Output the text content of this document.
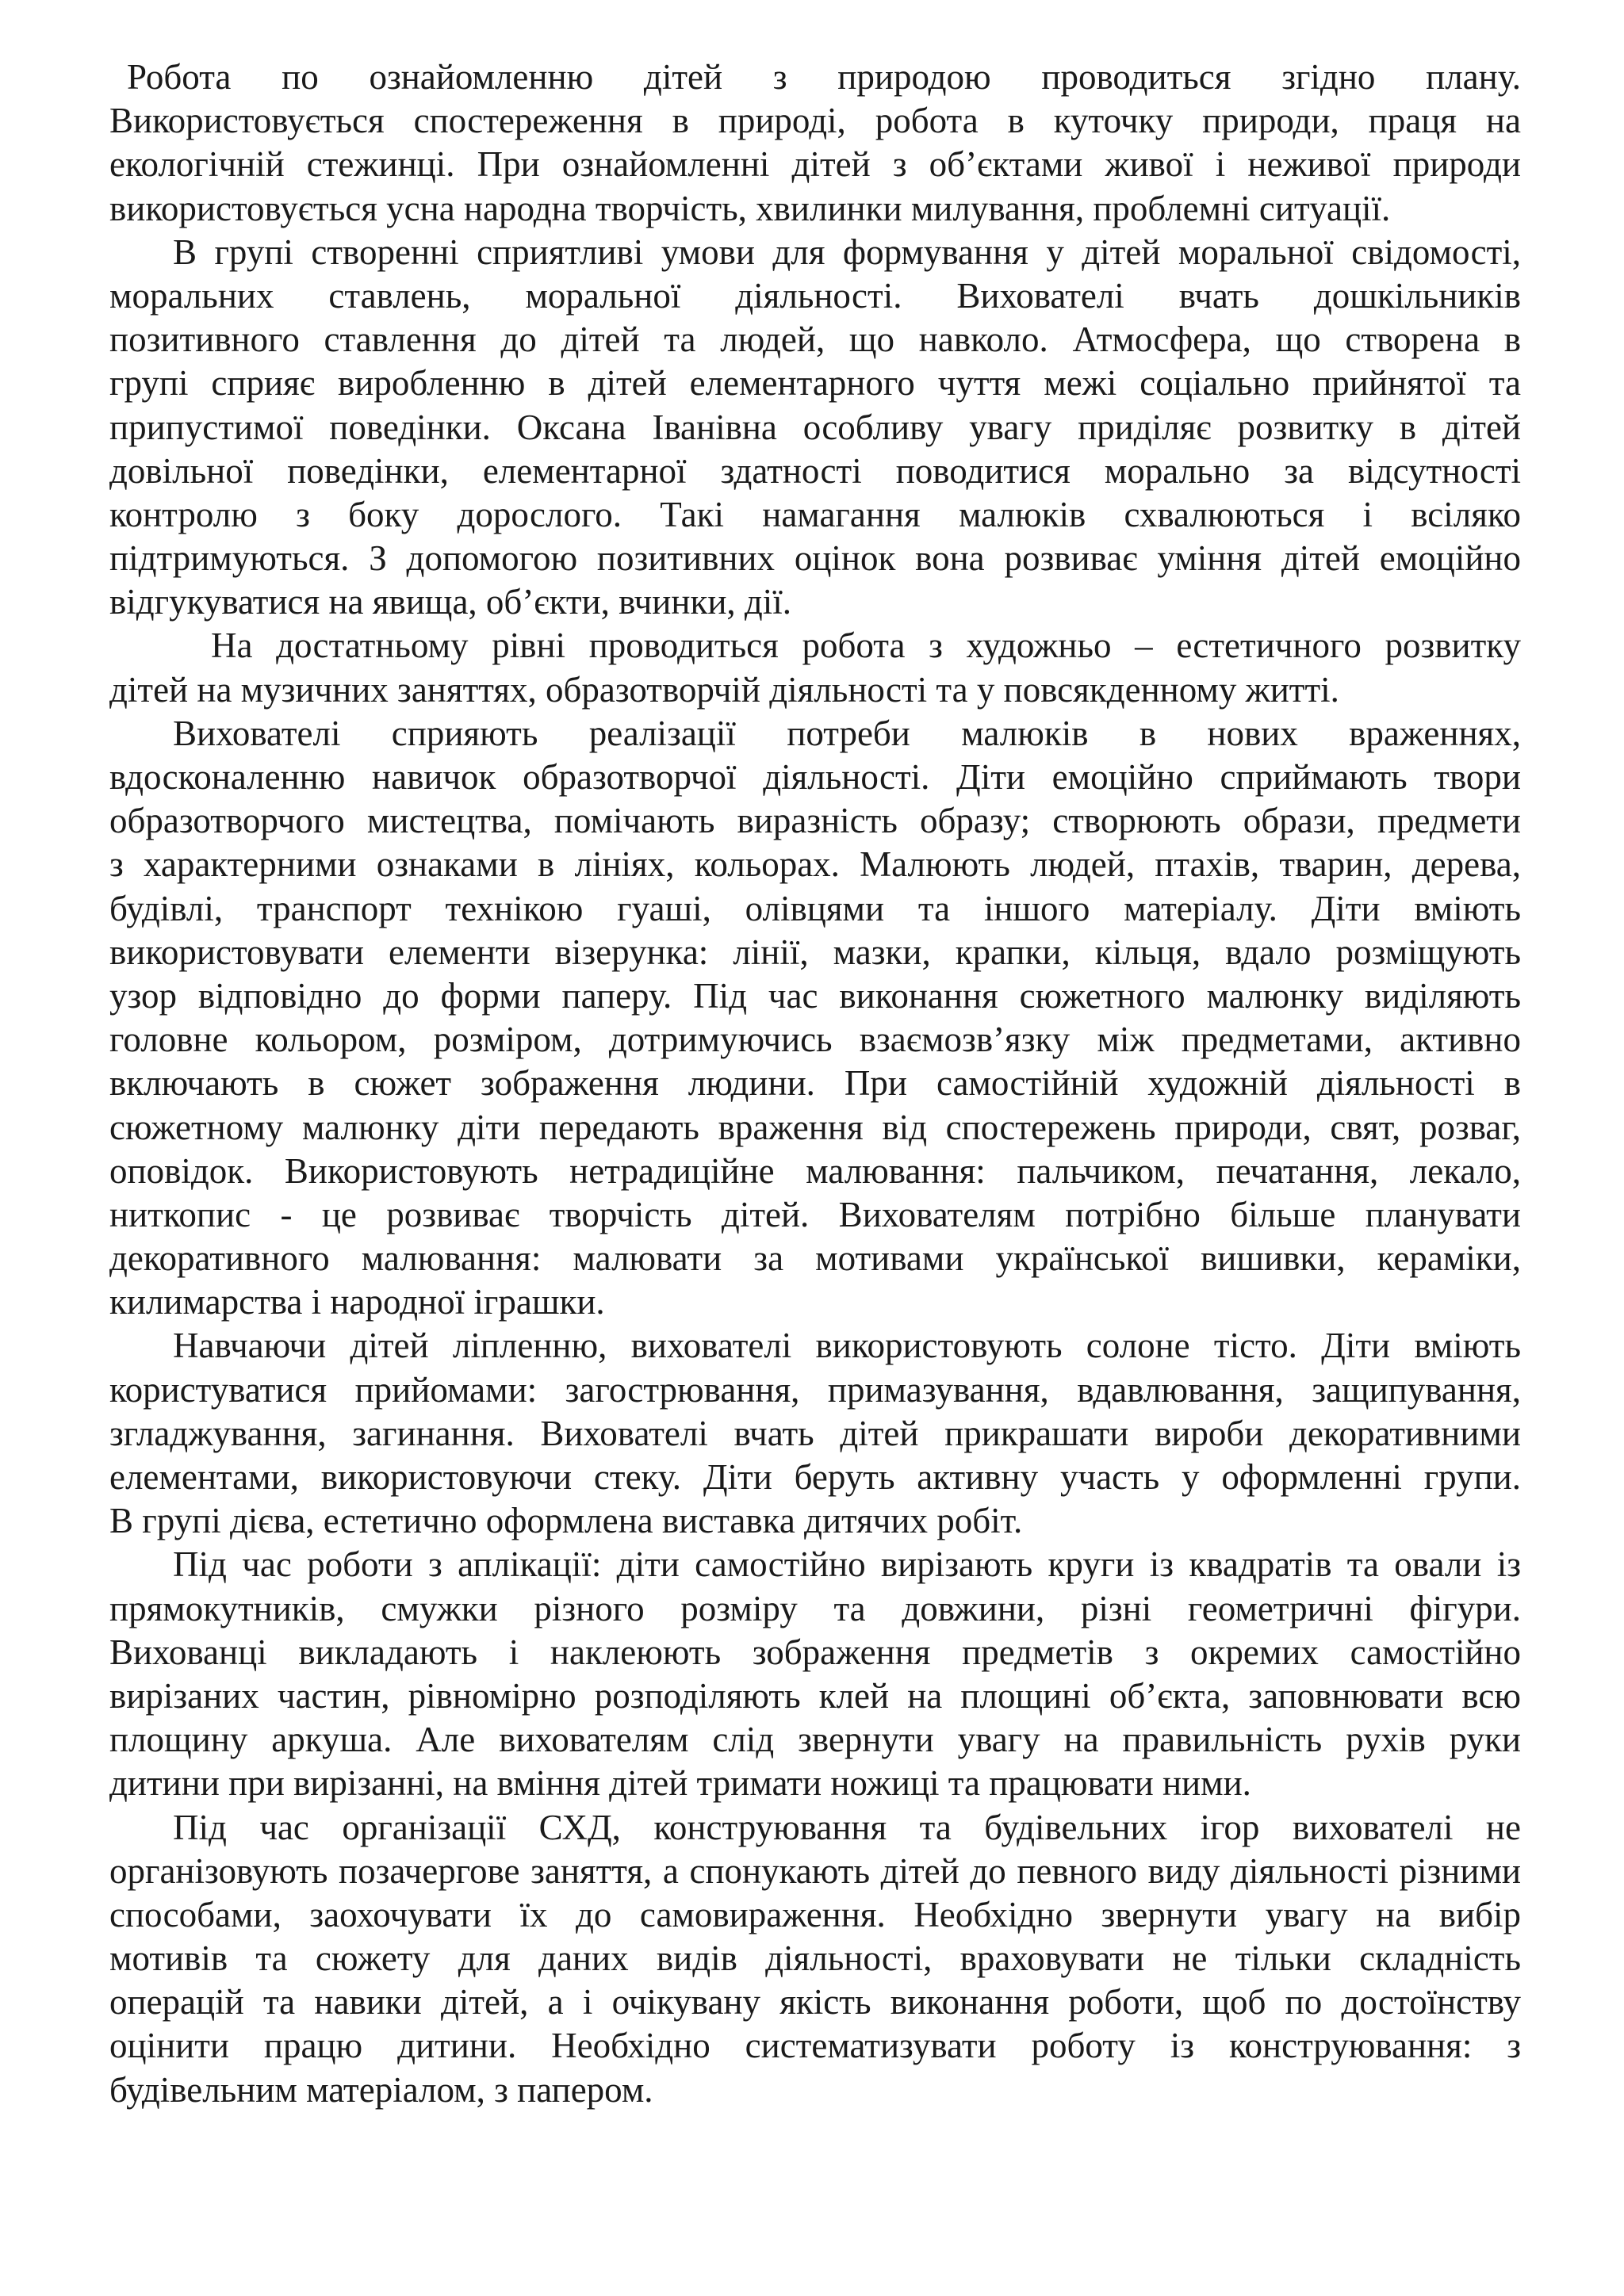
Робота по ознайомленню дітей з природою проводиться згідно плану.
Використовується спостереження в природі, робота в куточку природи, праця на
екологічній стежинці. При ознайомленні дітей з об’єктами живої і неживої природи
використовується усна народна творчість, хвилинки милування, проблемні ситуації.
В групі створенні сприятливі умови для формування у дітей моральної свідомості,
моральних ставлень, моральної діяльності. Вихователі вчать дошкільників
позитивного ставлення до дітей та людей, що навколо. Атмосфера, що створена в
групі сприяє виробленню в дітей елементарного чуття межі соціально прийнятої та
припустимої поведінки. Оксана Іванівна особливу увагу приділяє розвитку в дітей
довільної поведінки, елементарної здатності поводитися морально за відсутності
контролю з боку дорослого. Такі намагання малюків схвалюються і всіляко
підтримуються. З допомогою позитивних оцінок вона розвиває уміння дітей емоційно
відгукуватися на явища, об’єкти, вчинки, дії.
На достатньому рівні проводиться робота з художньо – естетичного розвитку
дітей на музичних заняттях, образотворчій діяльності та у повсякденному житті.
Вихователі сприяють реалізації потреби малюків в нових враженнях,
вдосконаленню навичок образотворчої діяльності. Діти емоційно сприймають твори
образотворчого мистецтва, помічають виразність образу; створюють образи, предмети
з характерними ознаками в лініях, кольорах. Малюють людей, птахів, тварин, дерева,
будівлі, транспорт технікою гуаші, олівцями та іншого матеріалу. Діти вміють
використовувати елементи візерунка: лінії, мазки, крапки, кільця, вдало розміщують
узор відповідно до форми паперу. Під час виконання сюжетного малюнку виділяють
головне кольором, розміром, дотримуючись взаємозв’язку між предметами, активно
включають в сюжет зображення людини. При самостійній художній діяльності в
сюжетному малюнку діти передають враження від спостережень природи, свят, розваг,
оповідок. Використовують нетрадиційне малювання: пальчиком, печатання, лекало,
ниткопис - це розвиває творчість дітей. Вихователям потрібно більше планувати
декоративного малювання: малювати за мотивами української вишивки, кераміки,
килимарства і народної іграшки.
Навчаючи дітей ліпленню, вихователі використовують солоне тісто. Діти вміють
користуватися прийомами: загострювання, примазування, вдавлювання, защипування,
згладжування, загинання. Вихователі вчать дітей прикрашати вироби декоративними
елементами, використовуючи стеку. Діти беруть активну участь у оформленні групи.
В групі дієва, естетично оформлена виставка дитячих робіт.
Під час роботи з аплікації: діти самостійно вирізають круги із квадратів та овали із
прямокутників, смужки різного розміру та довжини, різні геометричні фігури.
Вихованці викладають і наклеюють зображення предметів з окремих самостійно
вирізаних частин, рівномірно розподіляють клей на площині об’єкта, заповнювати всю
площину аркуша. Але вихователям слід звернути увагу на правильність рухів руки
дитини при вирізанні, на вміння дітей тримати ножиці та працювати ними.
Під час організації СХД, конструювання та будівельних ігор вихователі не
організовують позачергове заняття, а спонукають дітей до певного виду діяльності різними
способами, заохочувати їх до самовираження. Необхідно звернути увагу на вибір
мотивів та сюжету для даних видів діяльності, враховувати не тільки складність
операцій та навики дітей, а і очікувану якість виконання роботи, щоб по достоїнству
оцінити працю дитини. Необхідно систематизувати роботу із конструювання: з
будівельним матеріалом, з папером.
